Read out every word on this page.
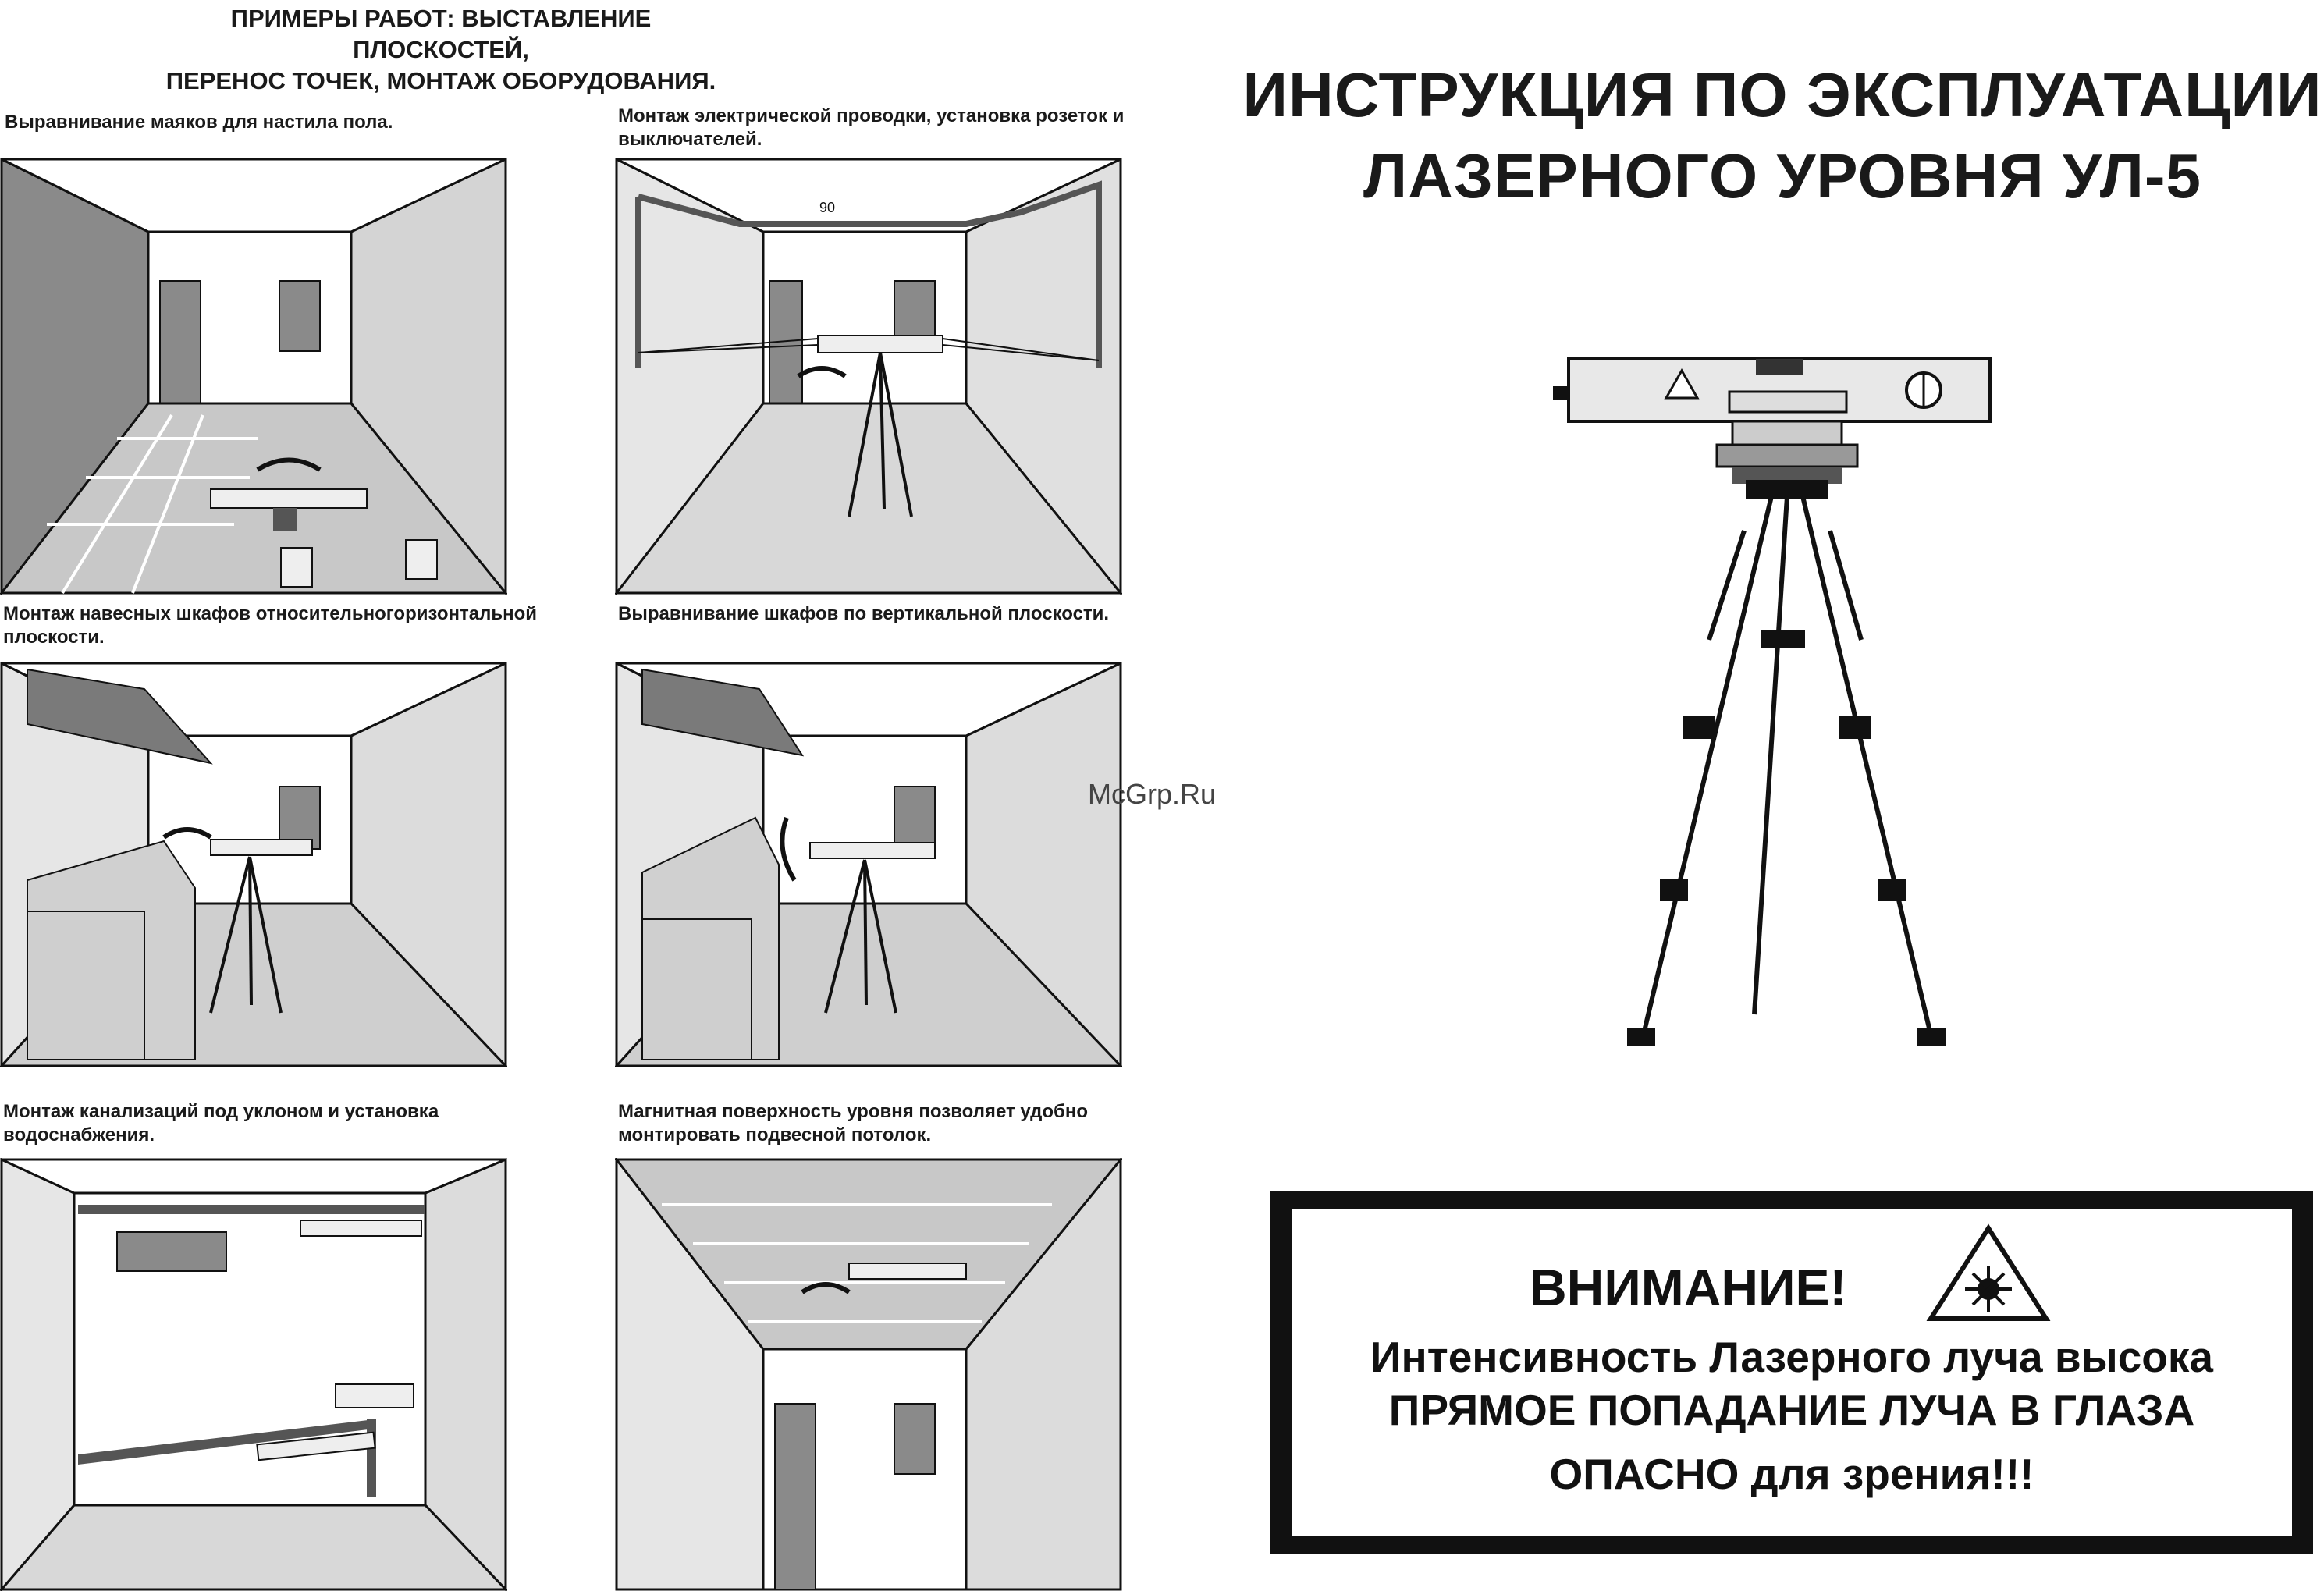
ПРИМЕРЫ РАБОТ: ВЫСТАВЛЕНИЕ ПЛОСКОСТЕЙ,
ПЕРЕНОС ТОЧЕК, МОНТАЖ ОБОРУДОВАНИЯ.
Выравнивание маяков для настила пола.	Монтаж электрической проводки, установка розеток и
выключателей.
Монтаж навесных шкафов относительногоризонтальной
плоскости.
Выравнивание шкафов по вертикальной плоскости.
Монтаж канализаций под уклоном и установка
водоснабжения.
Магнитная поверхность уровня позволяет удобно
монтировать подвесной потолок.
90
McGrp.Ru
ИНСТРУКЦИЯ ПО ЭКСПЛУАТАЦИИ
ЛАЗЕРНОГО УРОВНЯ УЛ-5
ВНИМАНИЕ!
Интенсивность Лазерного луча высока
ПРЯМОЕ ПОПАДАНИЕ ЛУЧА В ГЛАЗА
ОПАСНО для зрения!!!
